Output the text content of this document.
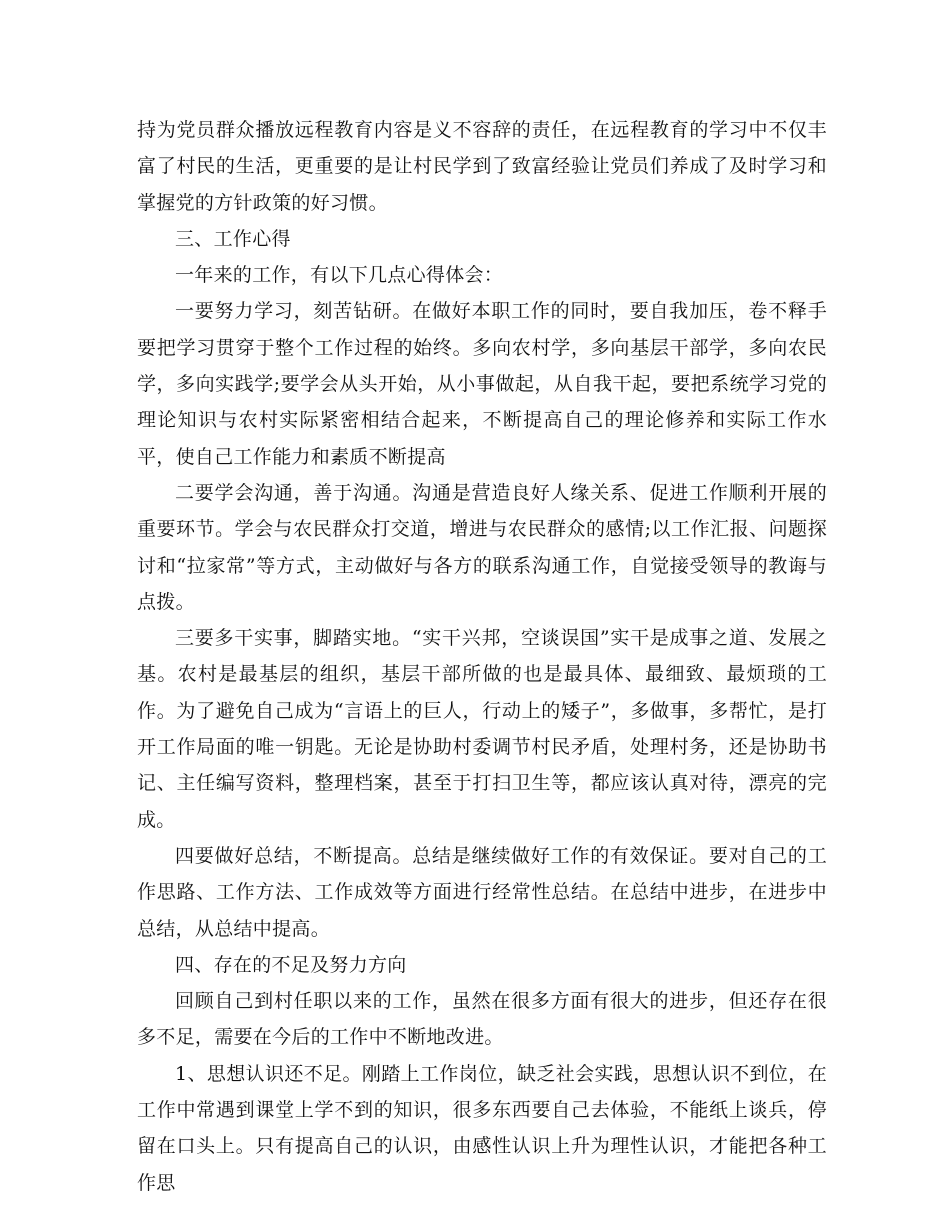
持为党员群众播放远程教育内容是义不容辞的责任，在远程教育的学习中不仅丰富了村民的生活，更重要的是让村民学到了致富经验让党员们养成了及时学习和掌握党的方针政策的好习惯。

三、工作心得

一年来的工作，有以下几点心得体会：

一要努力学习，刻苦钻研。在做好本职工作的同时，要自我加压，卷不释手要把学习贯穿于整个工作过程的始终。多向农村学，多向基层干部学，多向农民学，多向实践学;要学会从头开始，从小事做起，从自我干起，要把系统学习党的理论知识与农村实际紧密相结合起来，不断提高自己的理论修养和实际工作水平，使自己工作能力和素质不断提高

二要学会沟通，善于沟通。沟通是营造良好人缘关系、促进工作顺利开展的重要环节。学会与农民群众打交道，增进与农民群众的感情;以工作汇报、问题探讨和“拉家常”等方式，主动做好与各方的联系沟通工作，自觉接受领导的教诲与点拨。

三要多干实事，脚踏实地。“实干兴邦，空谈误国”实干是成事之道、发展之基。农村是最基层的组织，基层干部所做的也是最具体、最细致、最烦琐的工作。为了避免自己成为“言语上的巨人，行动上的矮子”，多做事，多帮忙，是打开工作局面的唯一钥匙。无论是协助村委调节村民矛盾，处理村务，还是协助书记、主任编写资料，整理档案，甚至于打扫卫生等，都应该认真对待，漂亮的完成。

四要做好总结，不断提高。总结是继续做好工作的有效保证。要对自己的工作思路、工作方法、工作成效等方面进行经常性总结。在总结中进步，在进步中总结，从总结中提高。

四、存在的不足及努力方向

回顾自己到村任职以来的工作，虽然在很多方面有很大的进步，但还存在很多不足，需要在今后的工作中不断地改进。

1、思想认识还不足。刚踏上工作岗位，缺乏社会实践，思想认识不到位，在工作中常遇到课堂上学不到的知识，很多东西要自己去体验，不能纸上谈兵，停留在口头上。只有提高自己的认识，由感性认识上升为理性认识，才能把各种工作思
